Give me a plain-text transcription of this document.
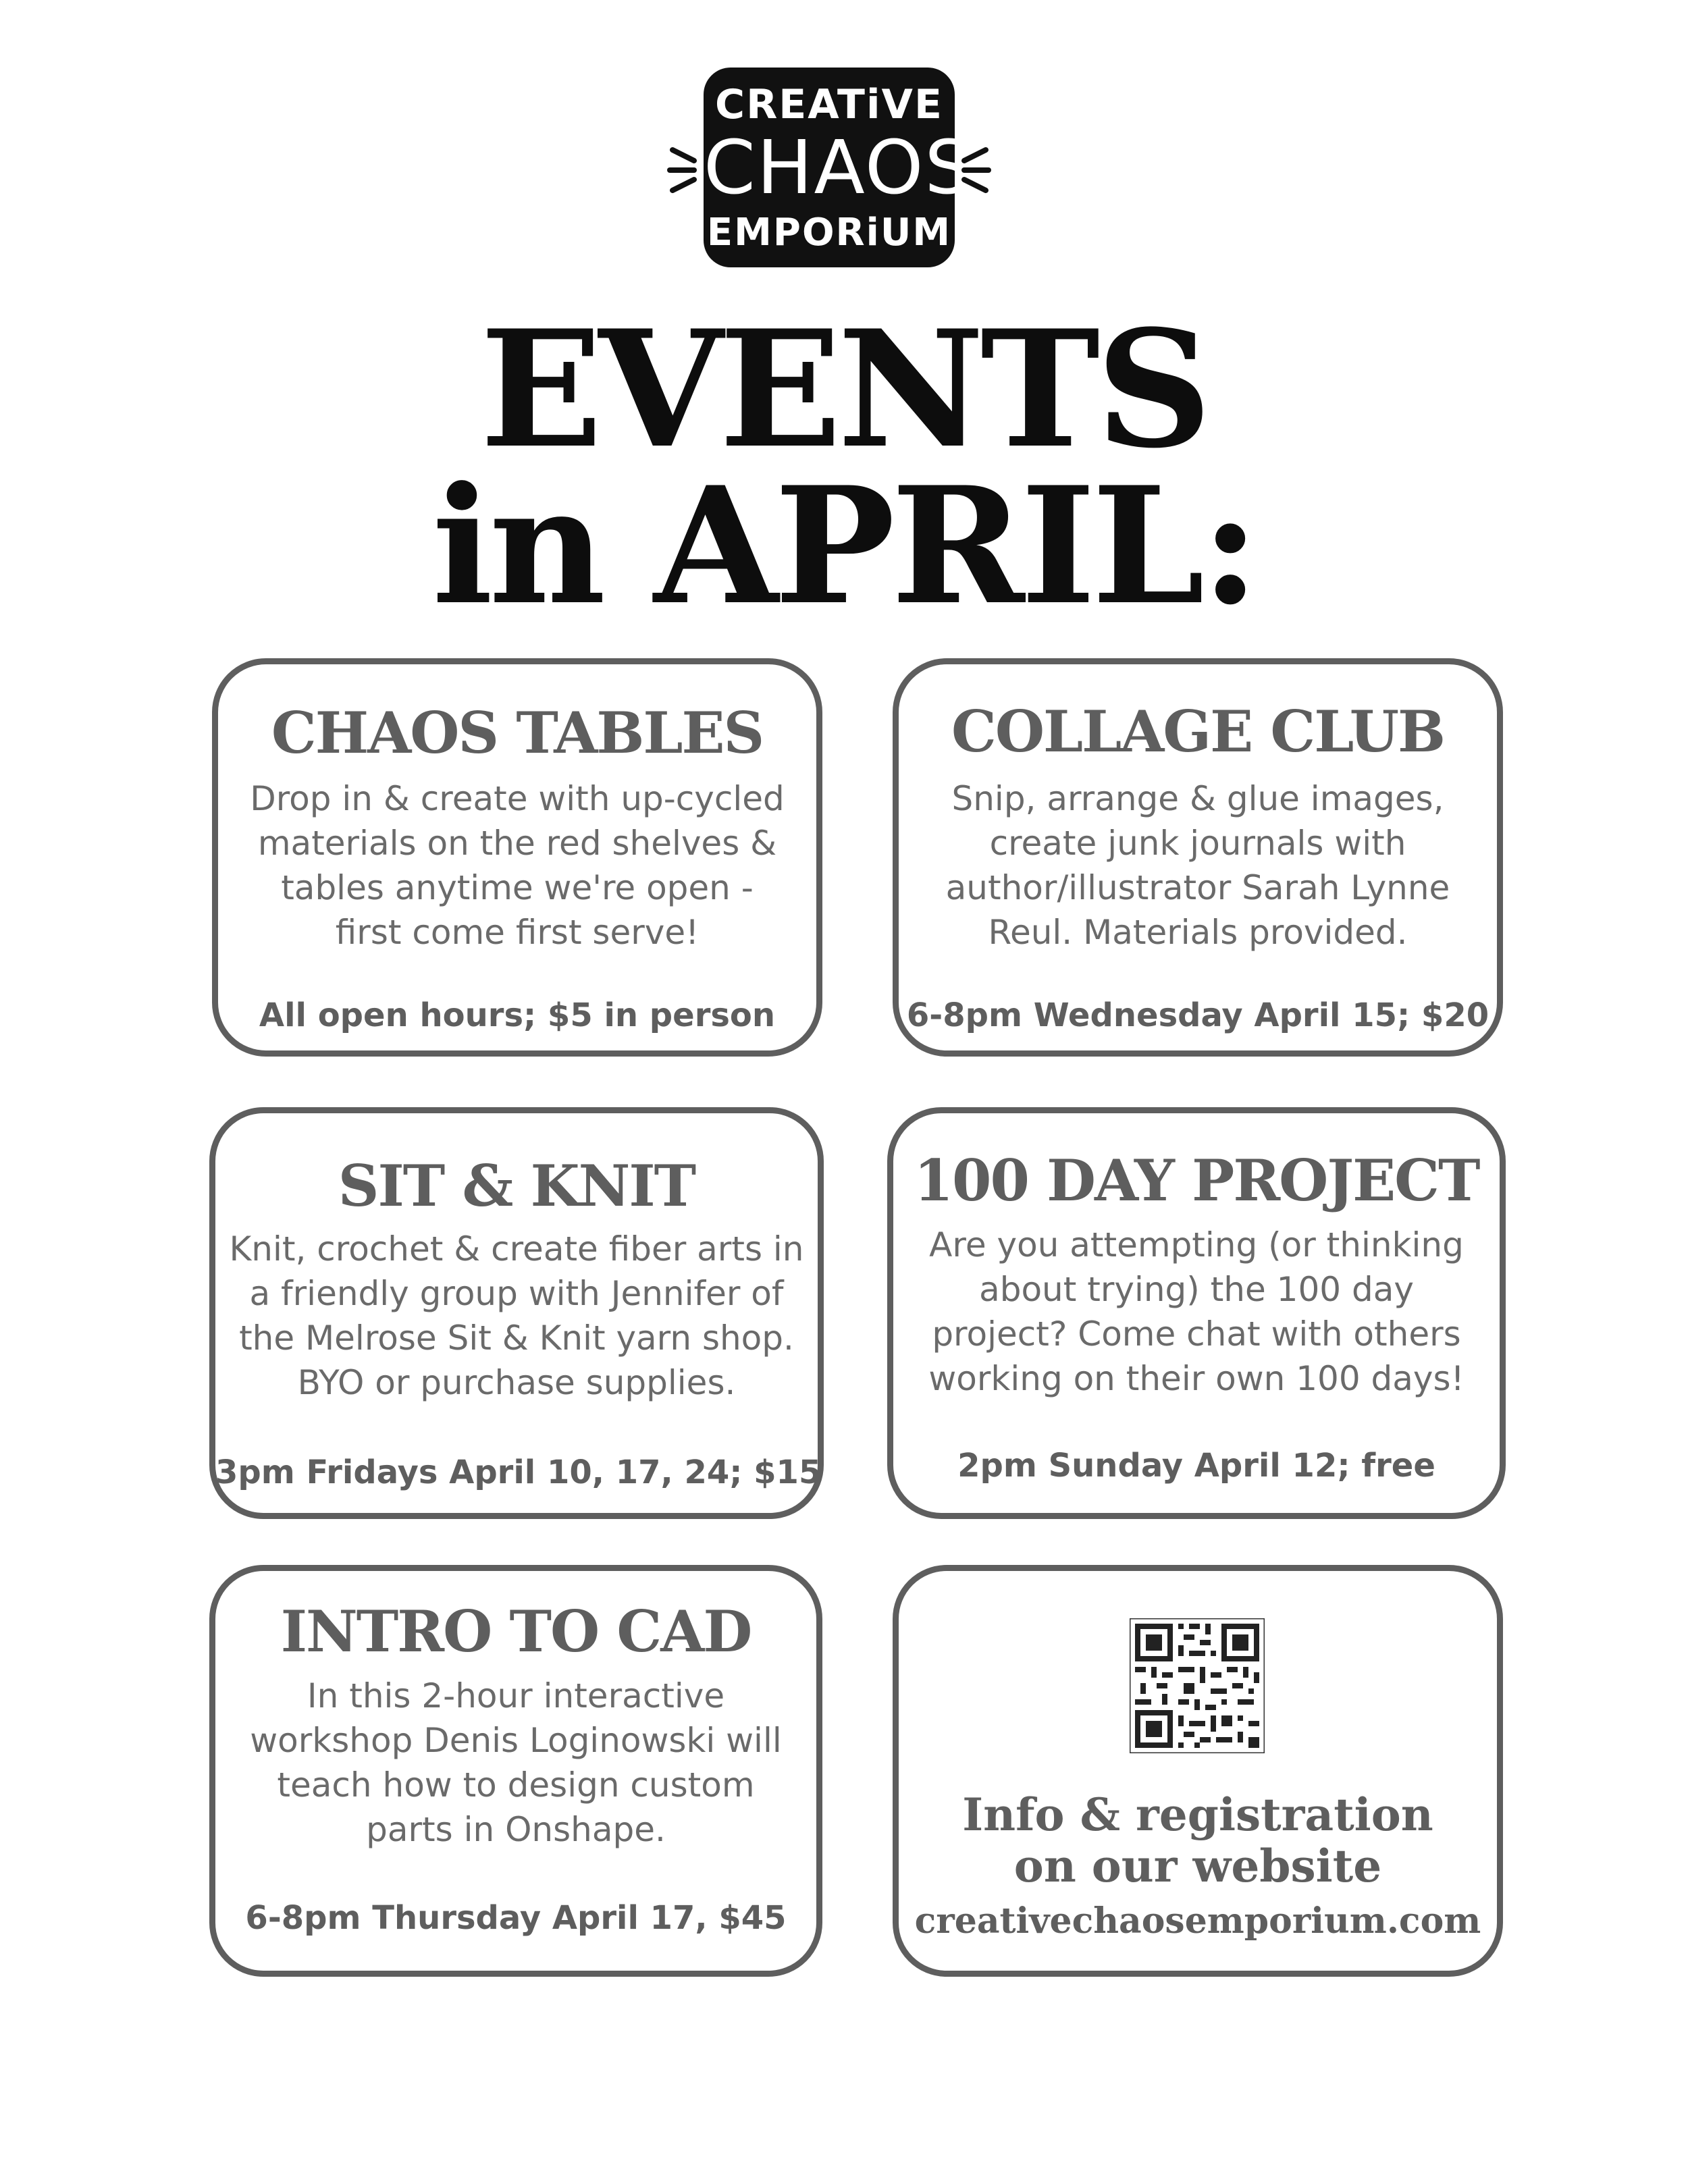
CREATiVE
CHAOS
EMPORiUM
EVENTS
in APRIL:
CHAOS TABLES
Drop in & create with up-cycled
materials on the red shelves &
tables anytime we're open -
first come first serve!
All open hours; $5 in person
COLLAGE CLUB
Snip, arrange & glue images,
create junk journals with
author/illustrator Sarah Lynne
Reul. Materials provided.
6-8pm Wednesday April 15; $20
SIT & KNIT
Knit, crochet & create fiber arts in
a friendly group with Jennifer of
the Melrose Sit & Knit yarn shop.
BYO or purchase supplies.
3pm Fridays April 10, 17, 24; $15
100 DAY PROJECT
Are you attempting (or thinking
about trying) the 100 day
project? Come chat with others
working on their own 100 days!
2pm Sunday April 12; free
INTRO TO CAD
In this 2-hour interactive
workshop Denis Loginowski will
teach how to design custom
parts in Onshape.
6-8pm Thursday April 17, $45
Info & registration
on our website
creativechaosemporium.com
